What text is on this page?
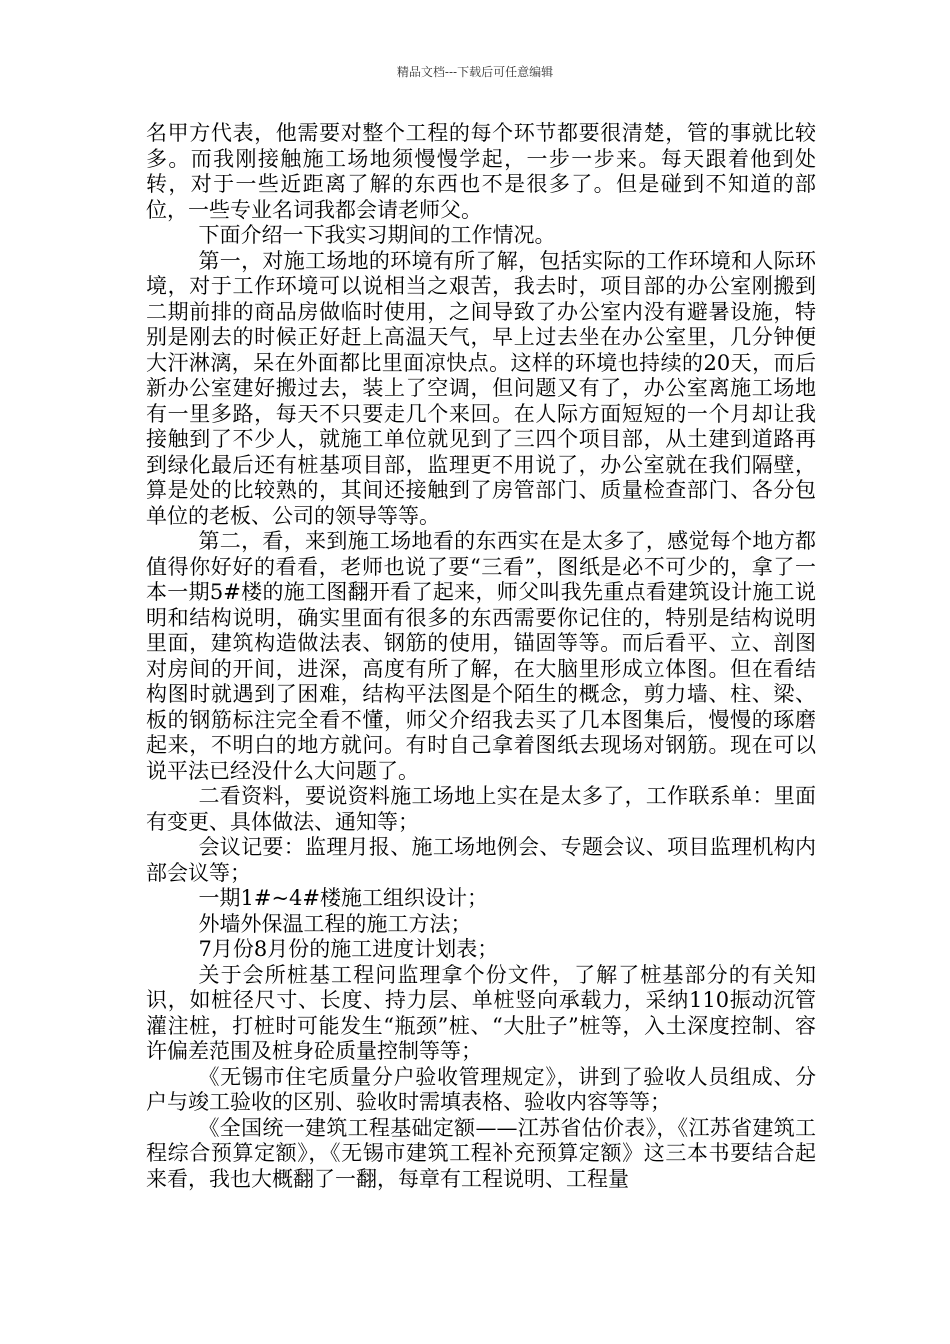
精品文档---下载后可任意编辑

名甲方代表，他需要对整个工程的每个环节都要很清楚，管的事就比较多。而我刚接触施工场地须慢慢学起，一步一步来。每天跟着他到处转，对于一些近距离了解的东西也不是很多了。但是碰到不知道的部位，一些专业名词我都会请老师父。

下面介绍一下我实习期间的工作情况。

第一，对施工场地的环境有所了解，包括实际的工作环境和人际环境，对于工作环境可以说相当之艰苦，我去时，项目部的办公室刚搬到二期前排的商品房做临时使用，之间导致了办公室内没有避暑设施，特别是刚去的时候正好赶上高温天气，早上过去坐在办公室里，几分钟便大汗淋漓，呆在外面都比里面凉快点。这样的环境也持续的20天，而后新办公室建好搬过去，装上了空调，但问题又有了，办公室离施工场地有一里多路，每天不只要走几个来回。在人际方面短短的一个月却让我接触到了不少人，就施工单位就见到了三四个项目部，从土建到道路再到绿化最后还有桩基项目部，监理更不用说了，办公室就在我们隔壁，算是处的比较熟的，其间还接触到了房管部门、质量检查部门、各分包单位的老板、公司的领导等等。

第二，看，来到施工场地看的东西实在是太多了，感觉每个地方都值得你好好的看看，老师也说了要“三看”，图纸是必不可少的，拿了一本一期5#楼的施工图翻开看了起来，师父叫我先重点看建筑设计施工说明和结构说明，确实里面有很多的东西需要你记住的，特别是结构说明里面，建筑构造做法表、钢筋的使用，锚固等等。而后看平、立、剖图对房间的开间，进深，高度有所了解，在大脑里形成立体图。但在看结构图时就遇到了困难，结构平法图是个陌生的概念，剪力墙、柱、梁、板的钢筋标注完全看不懂，师父介绍我去买了几本图集后，慢慢的琢磨起来，不明白的地方就问。有时自己拿着图纸去现场对钢筋。现在可以说平法已经没什么大问题了。

二看资料，要说资料施工场地上实在是太多了，工作联系单：里面有变更、具体做法、通知等；

会议记要：监理月报、施工场地例会、专题会议、项目监理机构内部会议等；

一期1#~4#楼施工组织设计；

外墙外保温工程的施工方法；

7月份8月份的施工进度计划表；

关于会所桩基工程问监理拿个份文件，了解了桩基部分的有关知识，如桩径尺寸、长度、持力层、单桩竖向承载力，采纳110振动沉管灌注桩，打桩时可能发生“瓶颈”桩、“大肚子”桩等，入土深度控制、容许偏差范围及桩身砼质量控制等等；

《无锡市住宅质量分户验收管理规定》，讲到了验收人员组成、分户与竣工验收的区别、验收时需填表格、验收内容等等；

《全国统一建筑工程基础定额——江苏省估价表》，《江苏省建筑工程综合预算定额》，《无锡市建筑工程补充预算定额》这三本书要结合起来看，我也大概翻了一翻，每章有工程说明、工程量
